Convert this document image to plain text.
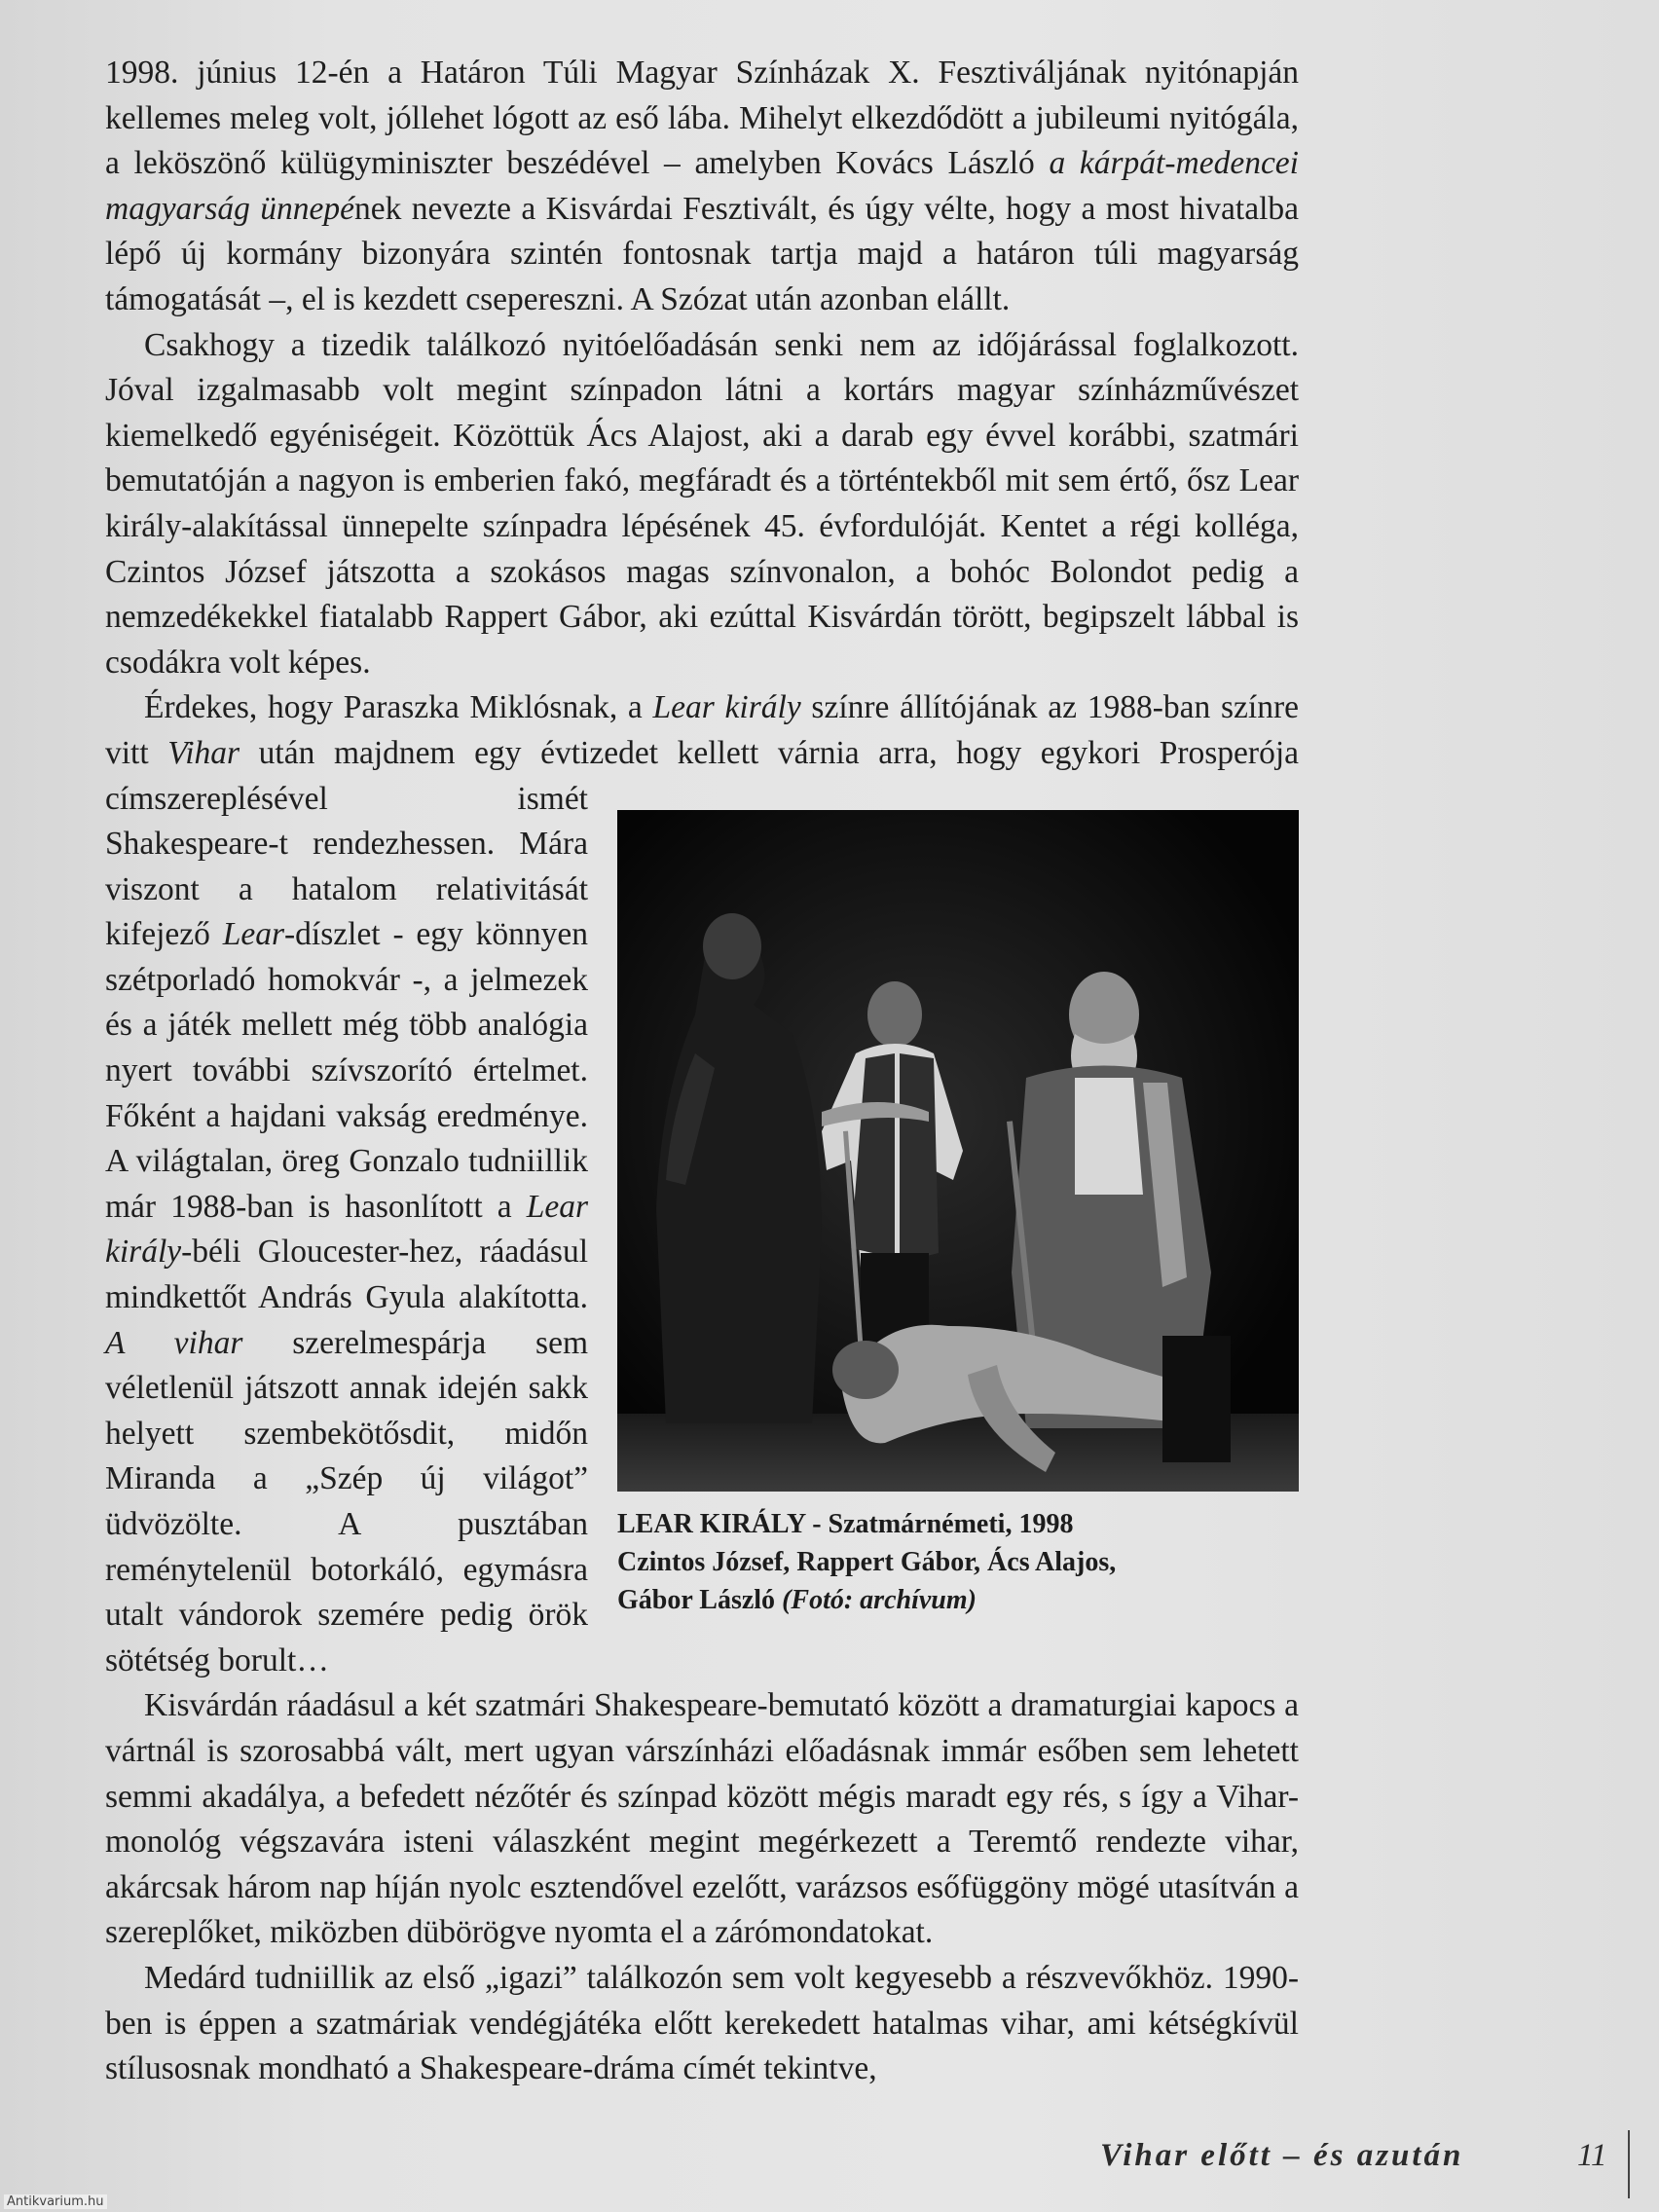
1998. június 12-én a Határon Túli Magyar Színházak X. Fesztiváljának nyitónapján kellemes meleg volt, jóllehet lógott az eső lába. Mihelyt elkezdődött a jubileumi nyitógála, a leköszönő külügyminiszter beszédével – amelyben Kovács László a kárpát-medencei magyarság ünnepének nevezte a Kisvárdai Fesztivált, és úgy vélte, hogy a most hivatalba lépő új kormány bizonyára szintén fontosnak tartja majd a határon túli magyarság támogatását –, el is kezdett csepereszni. A Szózat után azonban elállt.

Csakhogy a tizedik találkozó nyitóelőadásán senki nem az időjárással foglalkozott. Jóval izgalmasabb volt megint színpadon látni a kortárs magyar színházművészet kiemelkedő egyéniségeit. Közöttük Ács Alajost, aki a darab egy évvel korábbi, szatmári bemutatóján a nagyon is emberien fakó, megfáradt és a történtekből mit sem értő, ősz Lear király-alakítással ünnepelte színpadra lépésének 45. évfordulóját. Kentet a régi kolléga, Czintos József játszotta a szokásos magas színvonalon, a bohóc Bolondot pedig a nemzedékekkel fiatalabb Rappert Gábor, aki ezúttal Kisvárdán törött, begipszelt lábbal is csodákra volt képes.

Érdekes, hogy Paraszka Miklósnak, a Lear király színre állítójának az 1988-ban színre vitt Vihar után majdnem egy évtizedet kellett várnia arra, hogy egykori
LEAR KIRÁLY - Szatmárnémeti, 1998
Czintos József, Rappert Gábor, Ács Alajos,
Gábor László (Fotó: archívum)
Prosperója címszereplésével ismét Shakespeare-t rendezhessen. Mára viszont a hatalom relativitását kifejező Lear-díszlet - egy könnyen szétporladó homokvár -, a jelmezek és a játék mellett még több analógia nyert további szívszorító értelmet. Főként a hajdani vakság eredménye. A világtalan, öreg Gonzalo tudniillik már 1988-ban is hasonlított a Lear király-béli Gloucester-hez, ráadásul mindkettőt András Gyula alakította. A vihar szerelmespárja sem véletlenül játszott annak idején sakk helyett szembekötősdit, midőn Miranda a „Szép új világot” üdvözölte. A pusztában reménytelenül botorkáló, egymásra utalt vándorok szemére pedig örök sötétség borult…

Kisvárdán ráadásul a két szatmári Shakespeare-bemutató között a dramaturgiai kapocs a vártnál is szorosabbá vált, mert ugyan várszínházi előadásnak immár esőben sem lehetett semmi akadálya, a befedett nézőtér és színpad között mégis maradt egy rés, s így a Vihar-monológ végszavára isteni válaszként megint megérkezett a Teremtő rendezte vihar, akárcsak három nap híján nyolc esztendővel ezelőtt, varázsos esőfüggöny mögé utasítván a szereplőket, miközben dübörögve nyomta el a zárómondatokat.

Medárd tudniillik az első „igazi” találkozón sem volt kegyesebb a részvevőkhöz. 1990-ben is éppen a szatmáriak vendégjátéka előtt kerekedett hatalmas vihar, ami kétségkívül stílusosnak mondható a Shakespeare-dráma címét tekintve,

Vihar előtt – és azután	11
Antikvarium.hu
